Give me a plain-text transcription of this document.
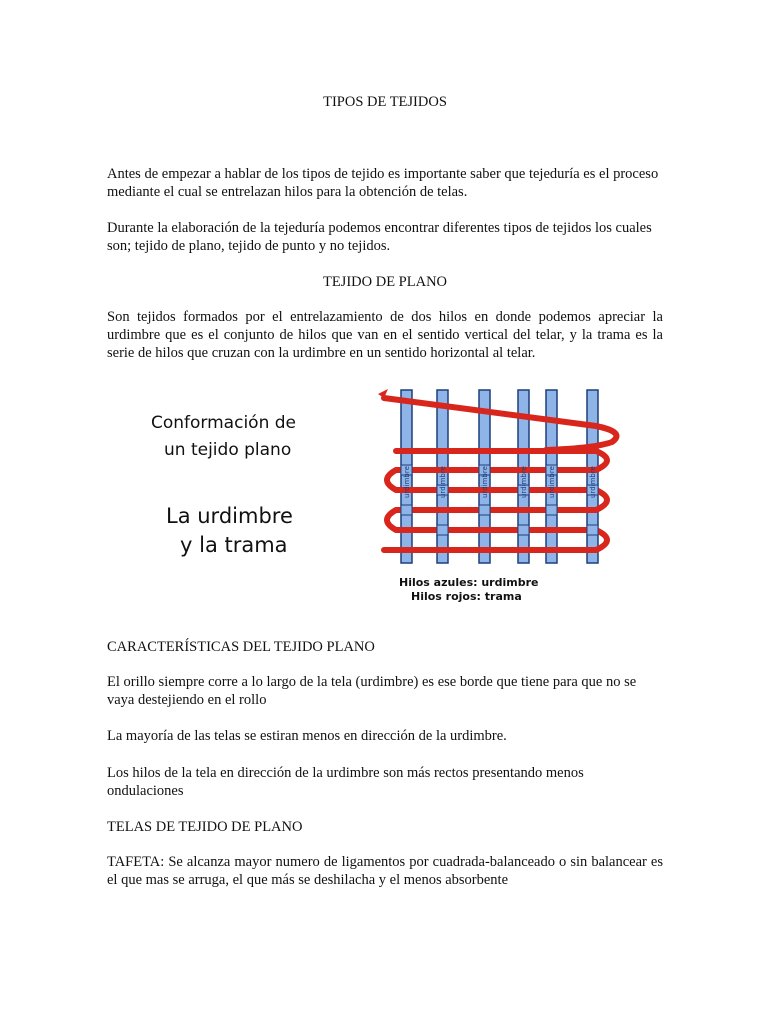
TIPOS DE TEJIDOS

Antes de empezar a hablar de los tipos de tejido es importante saber que tejeduría es el proceso mediante el cual se entrelazan hilos para la obtención de telas.

Durante la elaboración de la tejeduría podemos encontrar diferentes tipos de tejidos los cuales son; tejido de plano, tejido de punto y no tejidos.

TEJIDO DE PLANO

Son tejidos formados por el entrelazamiento de dos hilos en donde podemos apreciar la urdimbre que es el conjunto de hilos que van en el sentido vertical del telar, y la trama es la serie de hilos que cruzan con la urdimbre en un sentido horizontal al telar.

Conformación de
un tejido plano
La urdimbre
y la trama
urdimbre	urdimbre	urdimbre	urdimbre	urdimbre	urdimbre
Hilos azules: urdimbre
Hilos rojos: trama

CARACTERÍSTICAS DEL TEJIDO PLANO

El orillo siempre corre a lo largo de la tela (urdimbre) es ese borde que tiene para que no se vaya destejiendo en el rollo

La mayoría de las telas se estiran menos en dirección de la urdimbre.

Los hilos de la tela en dirección de la urdimbre son más rectos presentando menos ondulaciones

TELAS DE TEJIDO DE PLANO

TAFETA: Se alcanza mayor numero de ligamentos por cuadrada-balanceado o sin balancear es el que mas se arruga, el que más se deshilacha y el menos absorbente
